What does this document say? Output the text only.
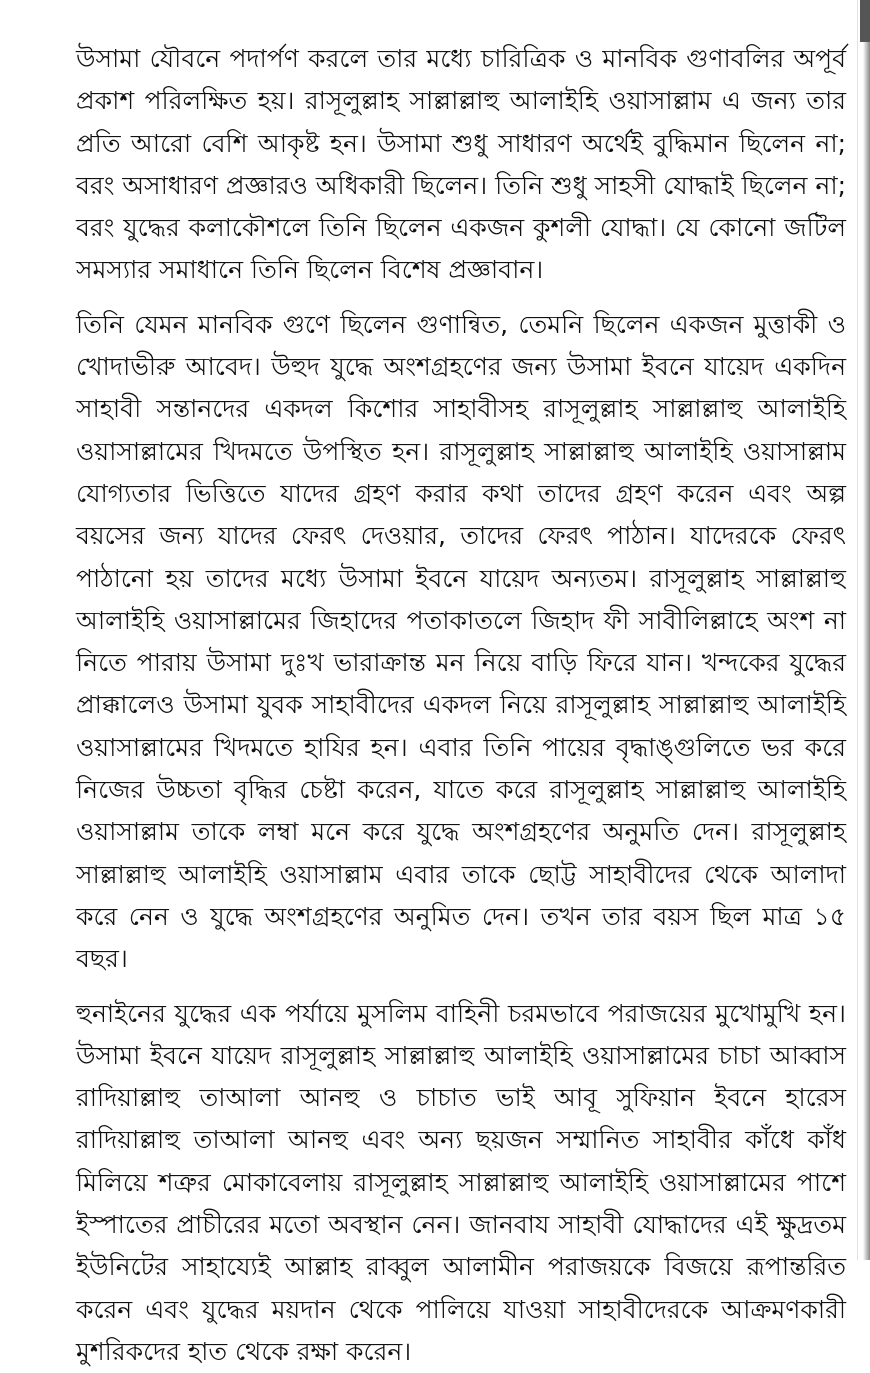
উসামা যৌবনে পদার্পণ করলে তার মধ্যে চারিত্রিক ও মানবিক গুণাবলির অপূর্ব প্রকাশ পরিলক্ষিত হয়। রাসূলুল্লাহ সাল্লাল্লাহু আলাইহি ওয়াসাল্লাম এ জন্য তার প্রতি আরো বেশি আকৃষ্ট হন। উসামা শুধু সাধারণ অর্থেই বুদ্ধিমান ছিলেন না; বরং অসাধারণ প্রজ্ঞারও অধিকারী ছিলেন। তিনি শুধু সাহসী যোদ্ধাই ছিলেন না; বরং যুদ্ধের কলাকৌশলে তিনি ছিলেন একজন কুশলী যোদ্ধা। যে কোনো জটিল সমস্যার সমাধানে তিনি ছিলেন বিশেষ প্রজ্ঞাবান।

তিনি যেমন মানবিক গুণে ছিলেন গুণান্বিত, তেমনি ছিলেন একজন মুত্তাকী ও খোদাভীরু আবেদ। উহুদ যুদ্ধে অংশগ্রহণের জন্য উসামা ইবনে যায়েদ একদিন সাহাবী সন্তানদের একদল কিশোর সাহাবীসহ রাসূলুল্লাহ সাল্লাল্লাহু আলাইহি ওয়াসাল্লামের খিদমতে উপস্থিত হন। রাসূলুল্লাহ সাল্লাল্লাহু আলাইহি ওয়াসাল্লাম যোগ্যতার ভিত্তিতে যাদের গ্রহণ করার কথা তাদের গ্রহণ করেন এবং অল্প বয়সের জন্য যাদের ফেরৎ দেওয়ার, তাদের ফেরৎ পাঠান। যাদেরকে ফেরৎ পাঠানো হয় তাদের মধ্যে উসামা ইবনে যায়েদ অন্যতম। রাসূলুল্লাহ সাল্লাল্লাহু আলাইহি ওয়াসাল্লামের জিহাদের পতাকাতলে জিহাদ ফী সাবীলিল্লাহে অংশ না নিতে পারায় উসামা দুঃখ ভারাক্রান্ত মন নিয়ে বাড়ি ফিরে যান। খন্দকের যুদ্ধের প্রাক্কালেও উসামা যুবক সাহাবীদের একদল নিয়ে রাসূলুল্লাহ সাল্লাল্লাহু আলাইহি ওয়াসাল্লামের খিদমতে হাযির হন। এবার তিনি পায়ের বৃদ্ধাঙ্গুলিতে ভর করে নিজের উচ্চতা বৃদ্ধির চেষ্টা করেন, যাতে করে রাসূলুল্লাহ সাল্লাল্লাহু আলাইহি ওয়াসাল্লাম তাকে লম্বা মনে করে যুদ্ধে অংশগ্রহণের অনুমতি দেন। রাসূলুল্লাহ সাল্লাল্লাহু আলাইহি ওয়াসাল্লাম এবার তাকে ছোট্ট সাহাবীদের থেকে আলাদা করে নেন ও যুদ্ধে অংশগ্রহণের অনুমিত দেন। তখন তার বয়স ছিল মাত্র ১৫ বছর।

হুনাইনের যুদ্ধের এক পর্যায়ে মুসলিম বাহিনী চরমভাবে পরাজয়ের মুখোমুখি হন। উসামা ইবনে যায়েদ রাসূলুল্লাহ সাল্লাল্লাহু আলাইহি ওয়াসাল্লামের চাচা আব্বাস রাদিয়াল্লাহু তাআলা আনহু ও চাচাত ভাই আবূ সুফিয়ান ইবনে হারেস রাদিয়াল্লাহু তাআলা আনহু এবং অন্য ছয়জন সম্মানিত সাহাবীর কাঁধে কাঁধ মিলিয়ে শত্রুর মোকাবেলায় রাসূলুল্লাহ সাল্লাল্লাহু আলাইহি ওয়াসাল্লামের পাশে ইস্পাতের প্রাচীরের মতো অবস্থান নেন। জানবায সাহাবী যোদ্ধাদের এই ক্ষুদ্রতম ইউনিটের সাহায্যেই আল্লাহ রাব্বুল আলামীন পরাজয়কে বিজয়ে রূপান্তরিত করেন এবং যুদ্ধের ময়দান থেকে পালিয়ে যাওয়া সাহাবীদেরকে আক্রমণকারী মুশরিকদের হাত থেকে রক্ষা করেন।
